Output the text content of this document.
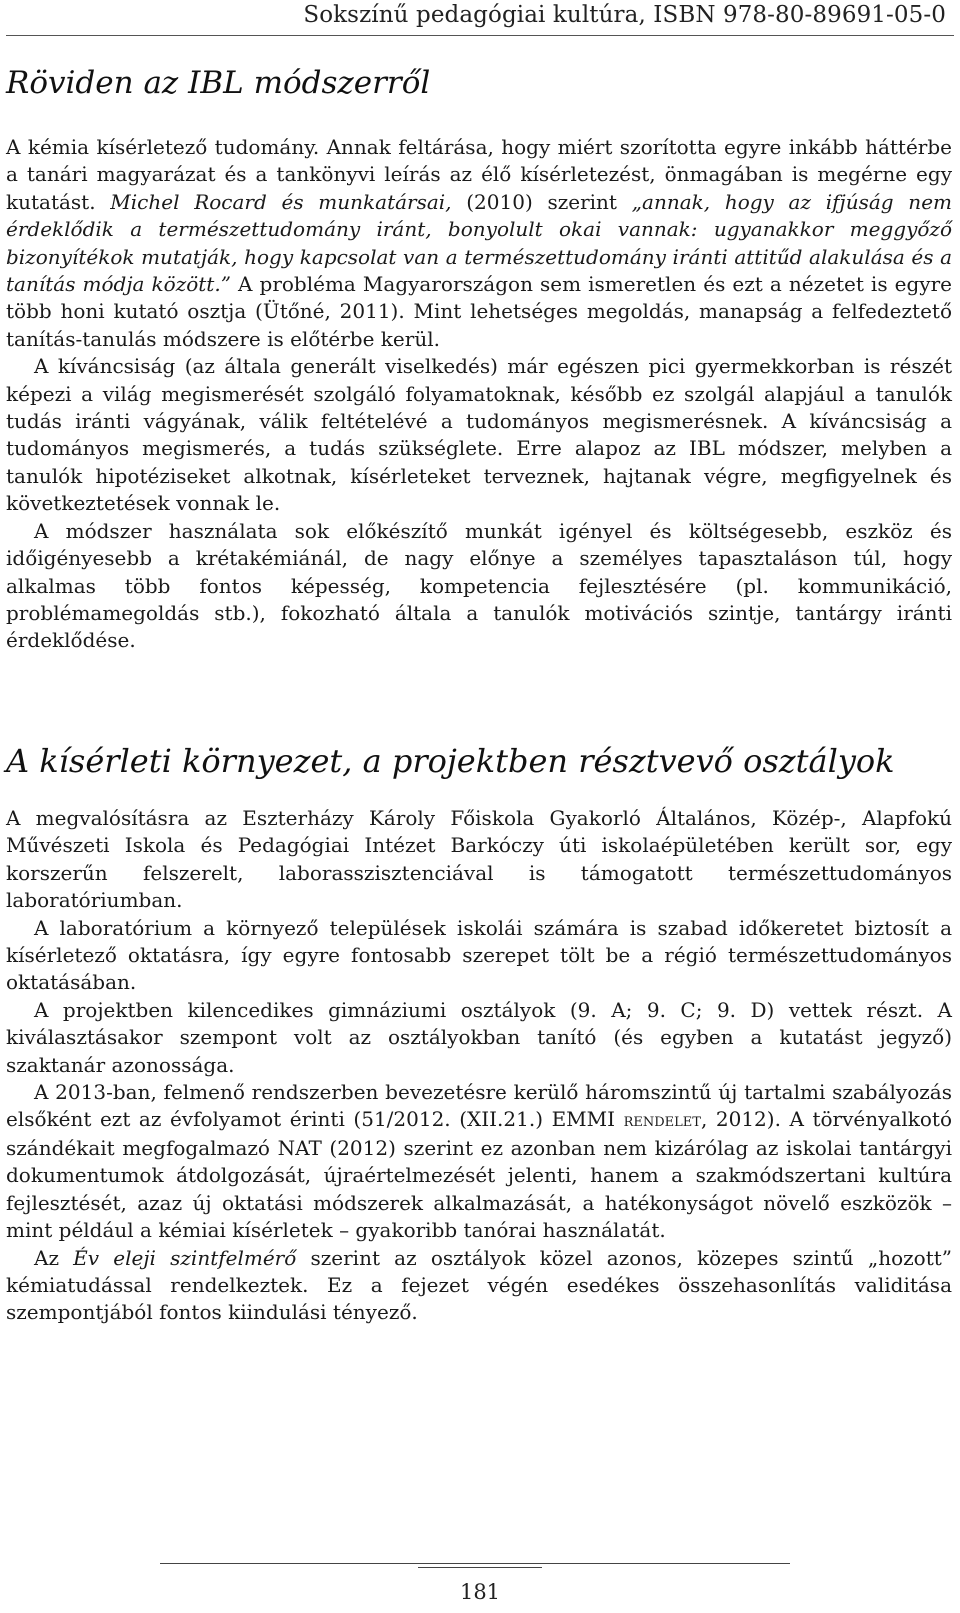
Sokszínű pedagógiai kultúra, ISBN 978-80-89691-05-0
Röviden az IBL módszerről

A kémia kísérletező tudomány. Annak feltárása, hogy miért szorította egyre inkább háttérbe a tanári magyarázat és a tankönyvi leírás az élő kísérletezést, önmagában is megérne egy kutatást. Michel Rocard és munkatársai, (2010) szerint „annak, hogy az ifjúság nem érdeklődik a természettudomány iránt, bonyolult okai vannak: ugyanakkor meggyőző bizonyítékok mutatják, hogy kapcsolat van a természettudomány iránti attitűd alakulása és a tanítás módja között.” A probléma Magyarországon sem ismeretlen és ezt a nézetet is egyre több honi kutató osztja (Ütőné, 2011). Mint lehetséges megoldás, manapság a felfedeztető tanítás-tanulás módszere is előtérbe kerül.

A kíváncsiság (az általa generált viselkedés) már egészen pici gyermekkorban is részét képezi a világ megismerését szolgáló folyamatoknak, később ez szolgál alapjául a tanulók tudás iránti vágyának, válik feltételévé a tudományos megismerésnek. A kíváncsiság a tudományos megismerés, a tudás szükséglete. Erre alapoz az IBL módszer, melyben a tanulók hipotéziseket alkotnak, kísérleteket terveznek, hajtanak végre, megfigyelnek és következtetések vonnak le.

A módszer használata sok előkészítő munkát igényel és költségesebb, eszköz és időigényesebb a krétakémiánál, de nagy előnye a személyes tapasztaláson túl, hogy alkalmas több fontos képesség, kompetencia fejlesztésére (pl. kommunikáció, problémamegoldás stb.), fokozható általa a tanulók motivációs szintje, tantárgy iránti érdeklődése.

A kísérleti környezet, a projektben résztvevő osztályok

A megvalósításra az Eszterházy Károly Főiskola Gyakorló Általános, Közép-, Alapfokú Művészeti Iskola és Pedagógiai Intézet Barkóczy úti iskolaépületében került sor, egy korszerűn felszerelt, laborasszisztenciával is támogatott természettudományos laboratóriumban.

A laboratórium a környező települések iskolái számára is szabad időkeretet biztosít a kísérletező oktatásra, így egyre fontosabb szerepet tölt be a régió természettudományos oktatásában.

A projektben kilencedikes gimnáziumi osztályok (9. A; 9. C; 9. D) vettek részt. A kiválasztásakor szempont volt az osztályokban tanító (és egyben a kutatást jegyző) szaktanár azonossága.

A 2013-ban, felmenő rendszerben bevezetésre kerülő háromszintű új tartalmi szabályozás elsőként ezt az évfolyamot érinti (51/2012. (XII.21.) EMMI rendelet, 2012). A törvényalkotó szándékait megfogalmazó NAT (2012) szerint ez azonban nem kizárólag az iskolai tantárgyi dokumentumok átdolgozását, újraértelmezését jelenti, hanem a szakmódszertani kultúra fejlesztését, azaz új oktatási módszerek alkalmazását, a hatékonyságot növelő eszközök – mint például a kémiai kísérletek – gyakoribb tanórai használatát.

Az Év eleji szintfelmérő szerint az osztályok közel azonos, közepes szintű „hozott” kémiatudással rendelkeztek. Ez a fejezet végén esedékes összehasonlítás validitása szempontjából fontos kiindulási tényező.

181
